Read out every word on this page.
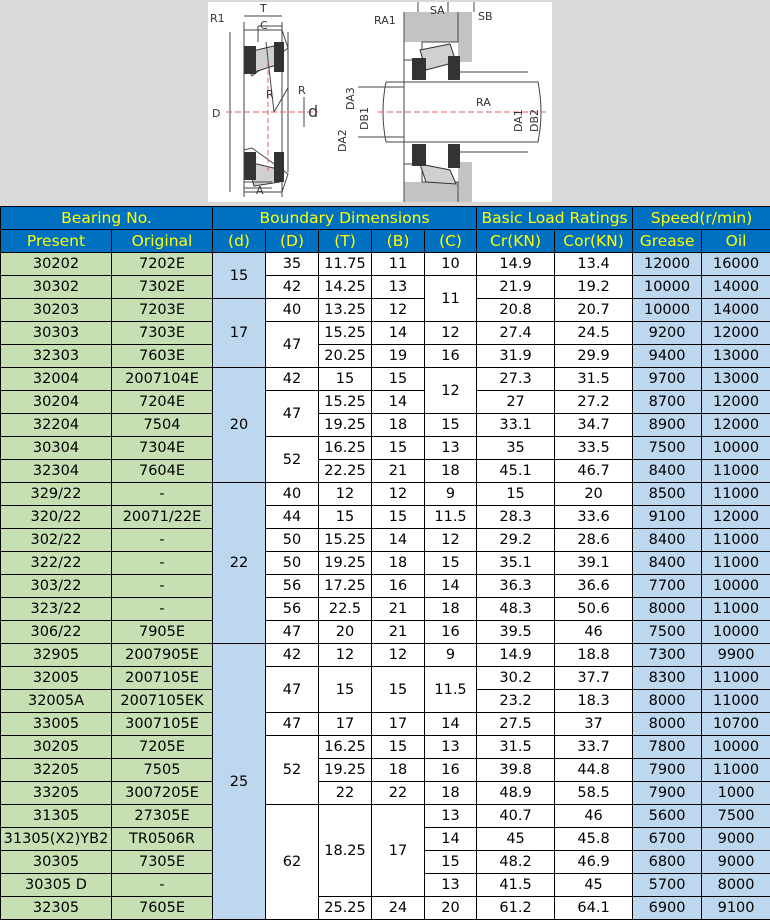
R1
T
C
R
R
D	d
A
RA1
SA	SB
RA
DA3
DA2
DB1	DA1 DB2
Bearing No.		Boundary Dimensions					Basic Load Ratings		Speed(r/min)	
Present	Original	(d)	(D)	(T)	(B)	(C)	Cr(KN)	Cor(KN)	Grease	Oil
30202	7202E	15	35	11.75	11	10	14.9	13.4	12000	16000
30302	7302E		42	14.25	13	11	21.9	19.2	10000	14000
30203	7203E	17	40	13.25	12		20.8	20.7	10000	14000
30303	7303E		47	15.25	14	12	27.4	24.5	9200	12000
32303	7603E			20.25	19	16	31.9	29.9	9400	13000
32004	2007104E	20	42	15	15	12	27.3	31.5	9700	13000
30204	7204E		47	15.25	14		27	27.2	8700	12000
32204	7504			19.25	18	15	33.1	34.7	8900	12000
30304	7304E		52	16.25	15	13	35	33.5	7500	10000
32304	7604E			22.25	21	18	45.1	46.7	8400	11000
329/22	-	22	40	12	12	9	15	20	8500	11000
320/22	20071/22E		44	15	15	11.5	28.3	33.6	9100	12000
302/22	-		50	15.25	14	12	29.2	28.6	8400	11000
322/22	-		50	19.25	18	15	35.1	39.1	8400	11000
303/22	-		56	17.25	16	14	36.3	36.6	7700	10000
323/22	-		56	22.5	21	18	48.3	50.6	8000	11000
306/22	7905E		47	20	21	16	39.5	46	7500	10000
32905	2007905E	25	42	12	12	9	14.9	18.8	7300	9900
32005	2007105E		47	15	15	11.5	30.2	37.7	8300	11000
32005A	2007105EK						23.2	18.3	8000	11000
33005	3007105E		47	17	17	14	27.5	37	8000	10700
30205	7205E		52	16.25	15	13	31.5	33.7	7800	10000
32205	7505			19.25	18	16	39.8	44.8	7900	11000
33205	3007205E			22	22	18	48.9	58.5	7900	1000
31305	27305E		62	18.25	17	13	40.7	46	5600	7500
31305(X2)YB2	TR0506R					14	45	45.8	6700	9000
30305	7305E					15	48.2	46.9	6800	9000
30305 D	-					13	41.5	45	5700	8000
32305	7605E			25.25	24	20	61.2	64.1	6900	9100
